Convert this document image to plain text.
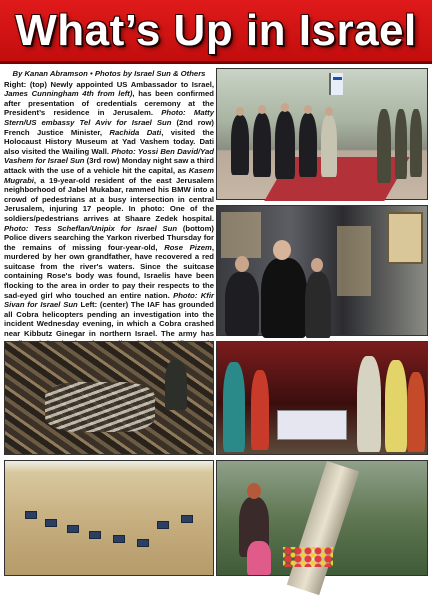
What’s Up in Israel
By Kanan Abramson • Photos by Israel Sun & Others

Right: (top) Newly appointed US Ambassador to Israel, James Cunningham 4th from left), has been confirmed after presentation of credentials ceremony at the President’s residence in Jerusalem. Photo: Matty Stern/US embassy Tel Aviv for Israel Sun (2nd row) French Justice Minister, Rachida Dati, visited the Holocaust History Museum at Yad Vashem today. Dati also visited the Wailing Wall. Photo: Yossi Ben David/Yad Vashem for Israel Sun (3rd row) Monday night saw a third attack with the use of a vehicle hit the capital, as Kasem Mugrabi, a 19-year-old resident of the east Jerusalem neighborhood of Jabel Mukabar, rammed his BMW into a crowd of pedestrians at a busy intersection in central Jerusalem, injuring 17 people. In photo: One of the soldiers/pedestrians arrives at Shaare Zedek hospital. Photo: Tess Scheflan/Unipix for Israel Sun (bottom) Police divers searching the Yarkon riverbed Thursday for the remains of missing four-year-old, Rose Pizem, murdered by her own grandfather, have recovered a red suitcase from the river's waters. Since the suitcase containing Rose's body was found, Israelis have been flocking to the area in order to pay their respects to the sad-eyed girl who touched an entire nation. Photo: Kfir Sivan for Israel Sun Left: (center) The IAF has grounded all Cobra helicopters pending an investigation into the incident Wednesday evening, in which a Cobra crashed near Kibbutz Ginegar in northern Israel. The army has
